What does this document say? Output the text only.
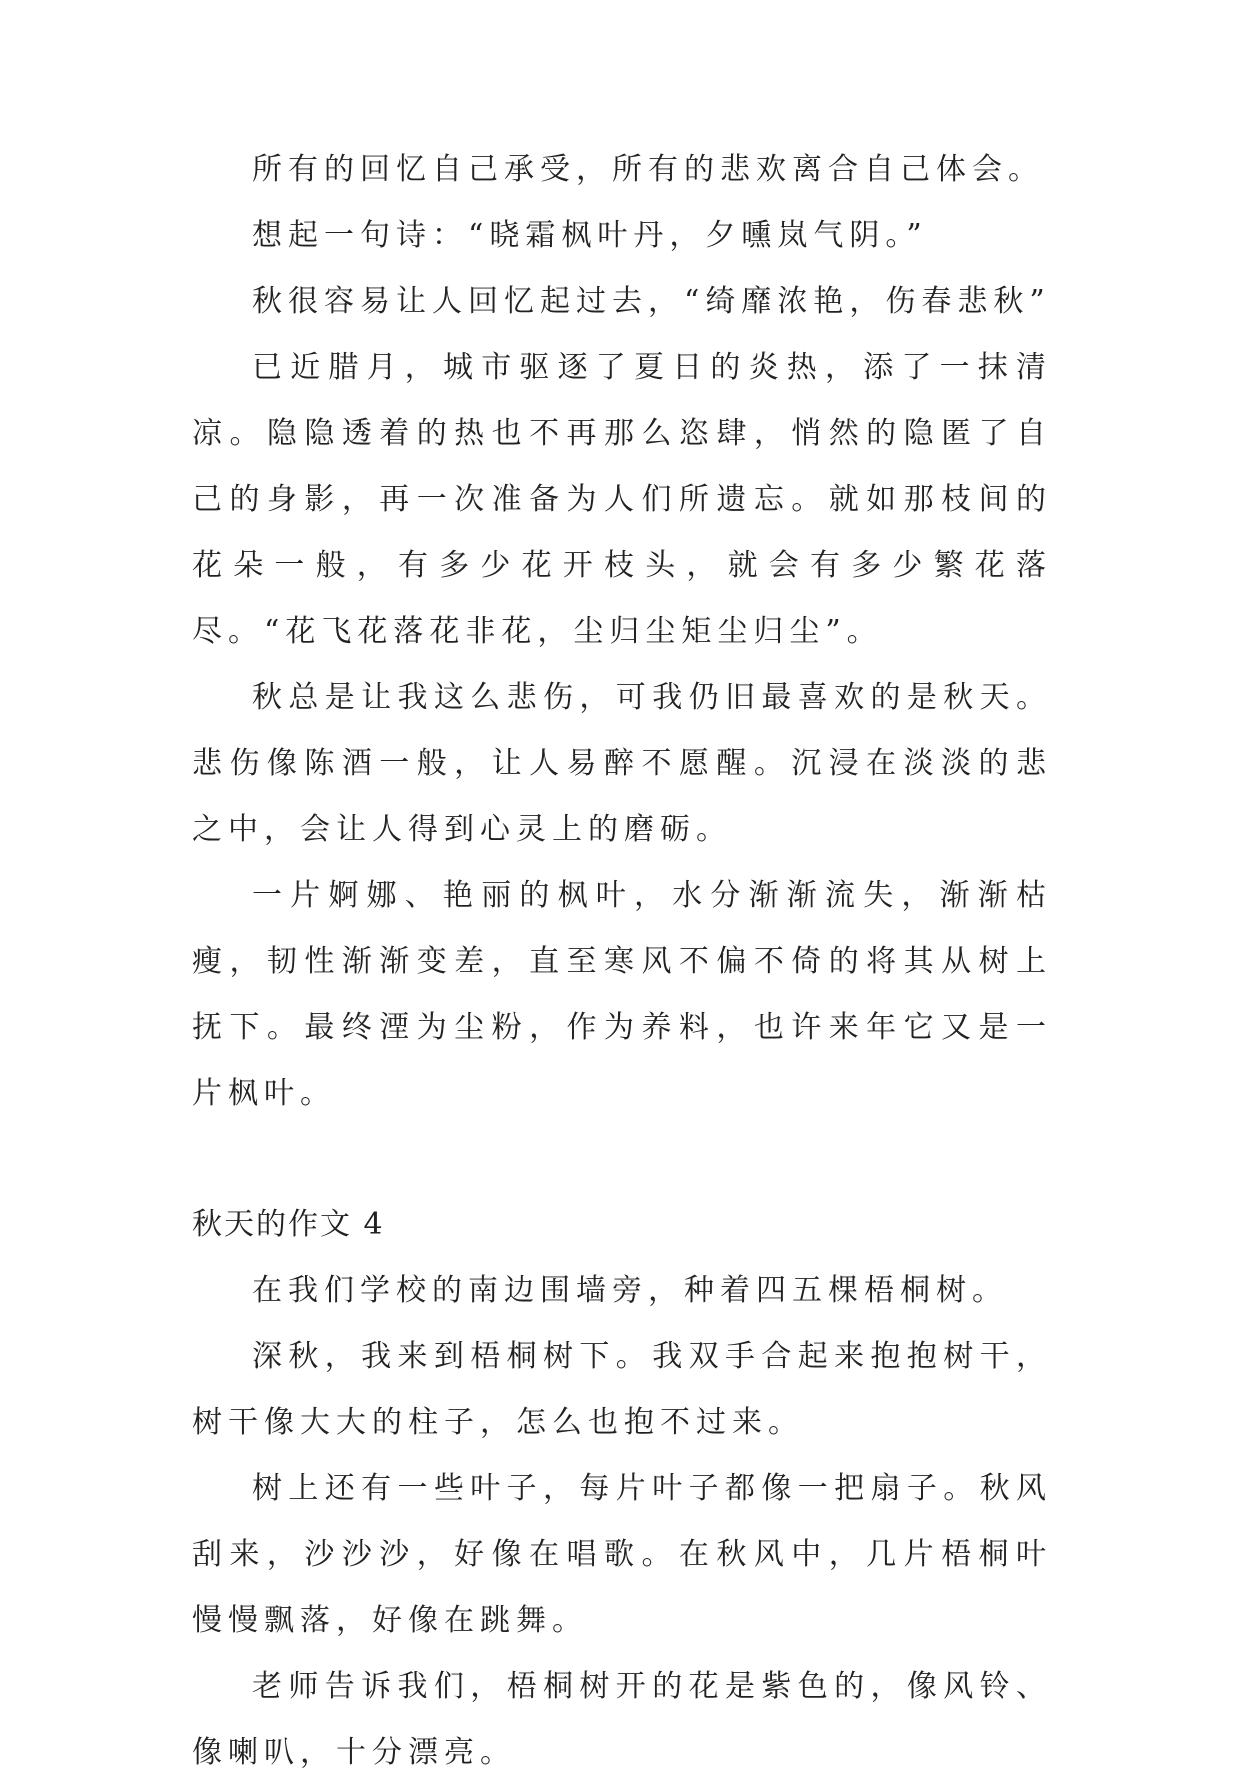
所有的回忆自己承受，所有的悲欢离合自己体会。

想起一句诗：“晓霜枫叶丹，夕曛岚气阴。”

秋很容易让人回忆起过去，“绮靡浓艳，伤春悲秋”

已近腊月，城市驱逐了夏日的炎热，添了一抹清凉。隐隐透着的热也不再那么恣肆，悄然的隐匿了自己的身影，再一次准备为人们所遗忘。就如那枝间的花朵一般，有多少花开枝头，就会有多少繁花落尽。“花飞花落花非花，尘归尘矩尘归尘”。

秋总是让我这么悲伤，可我仍旧最喜欢的是秋天。悲伤像陈酒一般，让人易醉不愿醒。沉浸在淡淡的悲之中，会让人得到心灵上的磨砺。

一片婀娜、艳丽的枫叶，水分渐渐流失，渐渐枯瘦，韧性渐渐变差，直至寒风不偏不倚的将其从树上抚下。最终湮为尘粉，作为养料，也许来年它又是一片枫叶。

秋天的作文 4

在我们学校的南边围墙旁，种着四五棵梧桐树。

深秋，我来到梧桐树下。我双手合起来抱抱树干，树干像大大的柱子，怎么也抱不过来。

树上还有一些叶子，每片叶子都像一把扇子。秋风刮来，沙沙沙，好像在唱歌。在秋风中，几片梧桐叶慢慢飘落，好像在跳舞。

老师告诉我们，梧桐树开的花是紫色的，像风铃、像喇叭，十分漂亮。
